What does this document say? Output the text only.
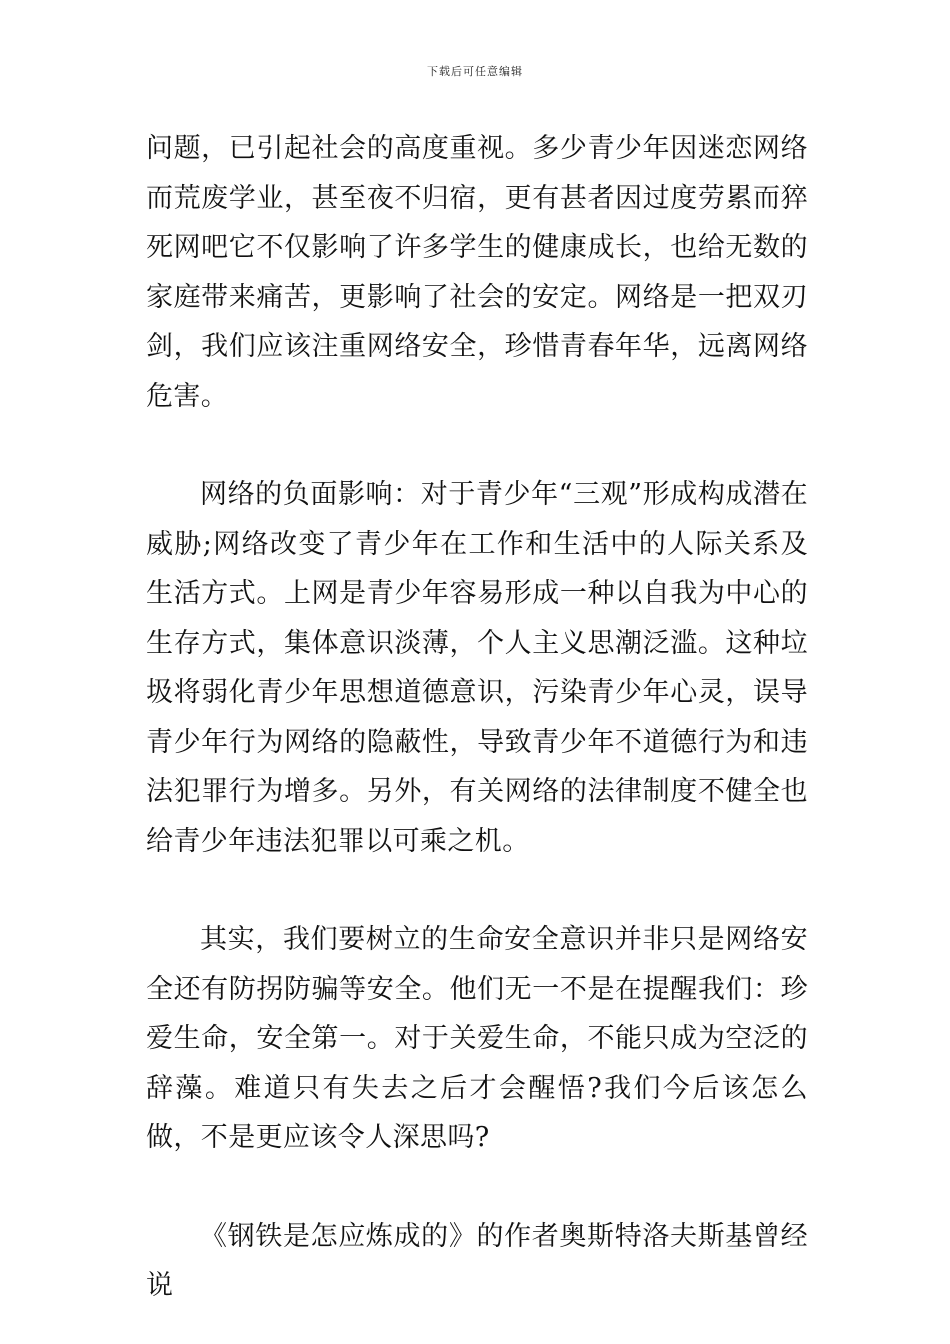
下载后可任意编辑

问题，已引起社会的高度重视。多少青少年因迷恋网络而荒废学业，甚至夜不归宿，更有甚者因过度劳累而猝死网吧它不仅影响了许多学生的健康成长，也给无数的家庭带来痛苦，更影响了社会的安定。网络是一把双刃剑，我们应该注重网络安全，珍惜青春年华，远离网络危害。

网络的负面影响：对于青少年“三观”形成构成潜在威胁;网络改变了青少年在工作和生活中的人际关系及生活方式。上网是青少年容易形成一种以自我为中心的生存方式，集体意识淡薄，个人主义思潮泛滥。这种垃圾将弱化青少年思想道德意识，污染青少年心灵，误导青少年行为网络的隐蔽性，导致青少年不道德行为和违法犯罪行为增多。另外，有关网络的法律制度不健全也给青少年违法犯罪以可乘之机。

其实，我们要树立的生命安全意识并非只是网络安全还有防拐防骗等安全。他们无一不是在提醒我们：珍爱生命，安全第一。对于关爱生命，不能只成为空泛的辞藻。难道只有失去之后才会醒悟?我们今后该怎么做，不是更应该令人深思吗?

《钢铁是怎应炼成的》的作者奥斯特洛夫斯基曾经说
